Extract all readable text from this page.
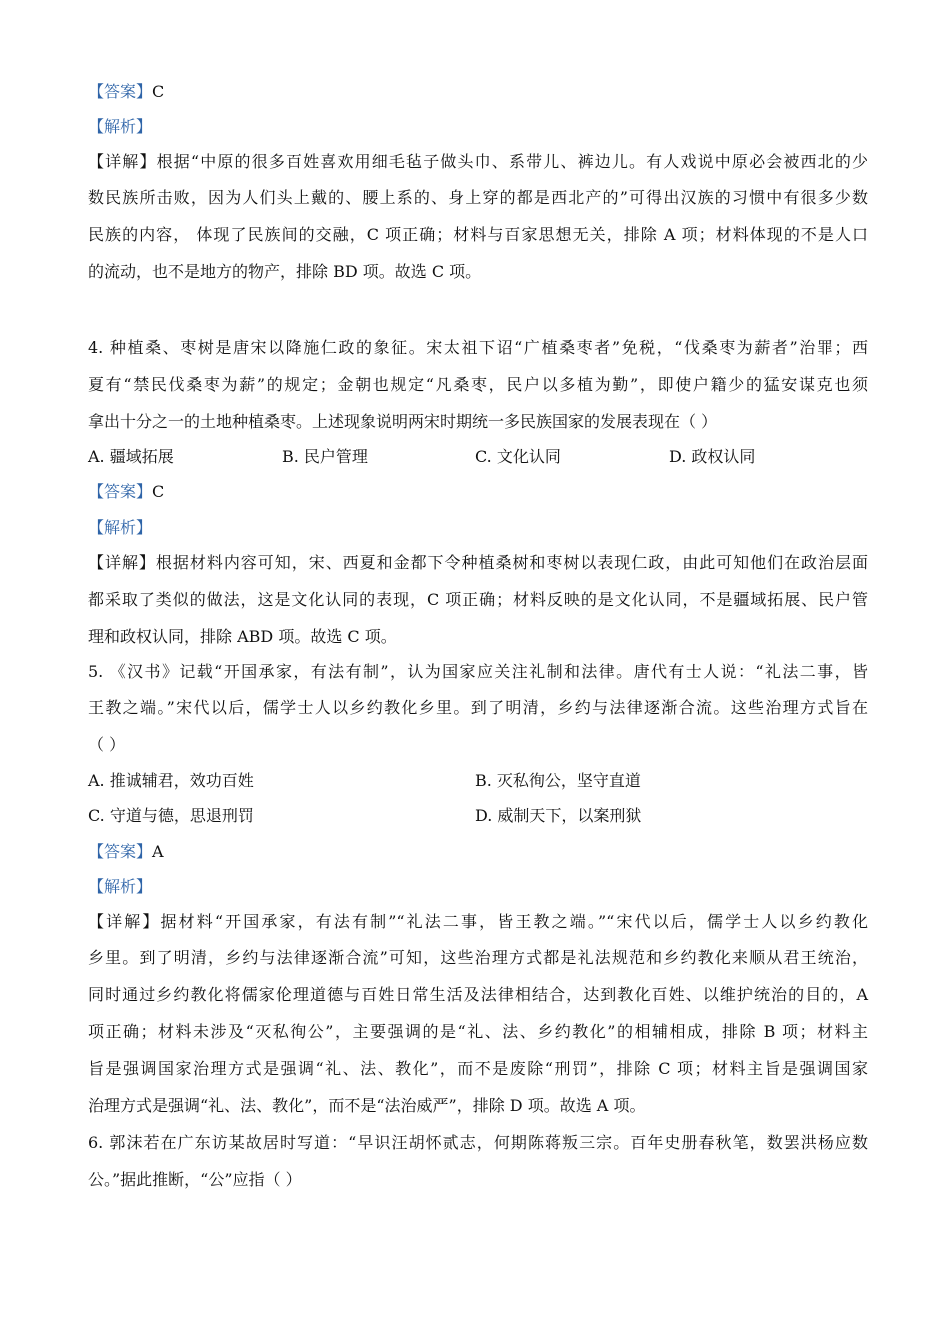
【答案】C
【解析】
【详解】根据“中原的很多百姓喜欢用细毛毡子做头巾、系带儿、裤边儿。有人戏说中原必会被西北的少
数民族所击败，因为人们头上戴的、腰上系的、身上穿的都是西北产的”可得出汉族的习惯中有很多少数
民族的内容， 体现了民族间的交融，C 项正确；材料与百家思想无关，排除 A 项；材料体现的不是人口
的流动，也不是地方的物产，排除 BD 项。故选 C 项。
4. 种植桑、枣树是唐宋以降施仁政的象征。宋太祖下诏“广植桑枣者”免税，“伐桑枣为薪者”治罪；西
夏有“禁民伐桑枣为薪”的规定；金朝也规定“凡桑枣，民户以多植为勤”，即使户籍少的猛安谋克也须
拿出十分之一的土地种植桑枣。上述现象说明两宋时期统一多民族国家的发展表现在（ ）
A. 疆域拓展	B. 民户管理	C. 文化认同	D. 政权认同
【答案】C
【解析】
【详解】根据材料内容可知，宋、西夏和金都下令种植桑树和枣树以表现仁政，由此可知他们在政治层面
都采取了类似的做法，这是文化认同的表现，C 项正确；材料反映的是文化认同，不是疆域拓展、民户管
理和政权认同，排除 ABD 项。故选 C 项。
5. 《汉书》记载“开国承家，有法有制”，认为国家应关注礼制和法律。唐代有士人说：“礼法二事，皆
王教之端。”宋代以后，儒学士人以乡约教化乡里。到了明清，乡约与法律逐渐合流。这些治理方式旨在
（ ）
A. 推诚辅君，效功百姓	B. 灭私徇公，坚守直道
C. 守道与德，思退刑罚	D. 威制天下，以案刑狱
【答案】A
【解析】
【详解】据材料“开国承家，有法有制”“礼法二事，皆王教之端。”“宋代以后，儒学士人以乡约教化
乡里。到了明清，乡约与法律逐渐合流”可知，这些治理方式都是礼法规范和乡约教化来顺从君王统治，
同时通过乡约教化将儒家伦理道德与百姓日常生活及法律相结合，达到教化百姓、以维护统治的目的，A
项正确；材料未涉及“灭私徇公”，主要强调的是“礼、法、乡约教化”的相辅相成，排除 B 项；材料主
旨是强调国家治理方式是强调“礼、法、教化”，而不是废除“刑罚”，排除 C 项；材料主旨是强调国家
治理方式是强调“礼、法、教化”，而不是“法治威严”，排除 D 项。故选 A 项。
6. 郭沫若在广东访某故居时写道：“早识汪胡怀贰志，何期陈蒋叛三宗。百年史册春秋笔，数罢洪杨应数
公。”据此推断，“公”应指（ ）
